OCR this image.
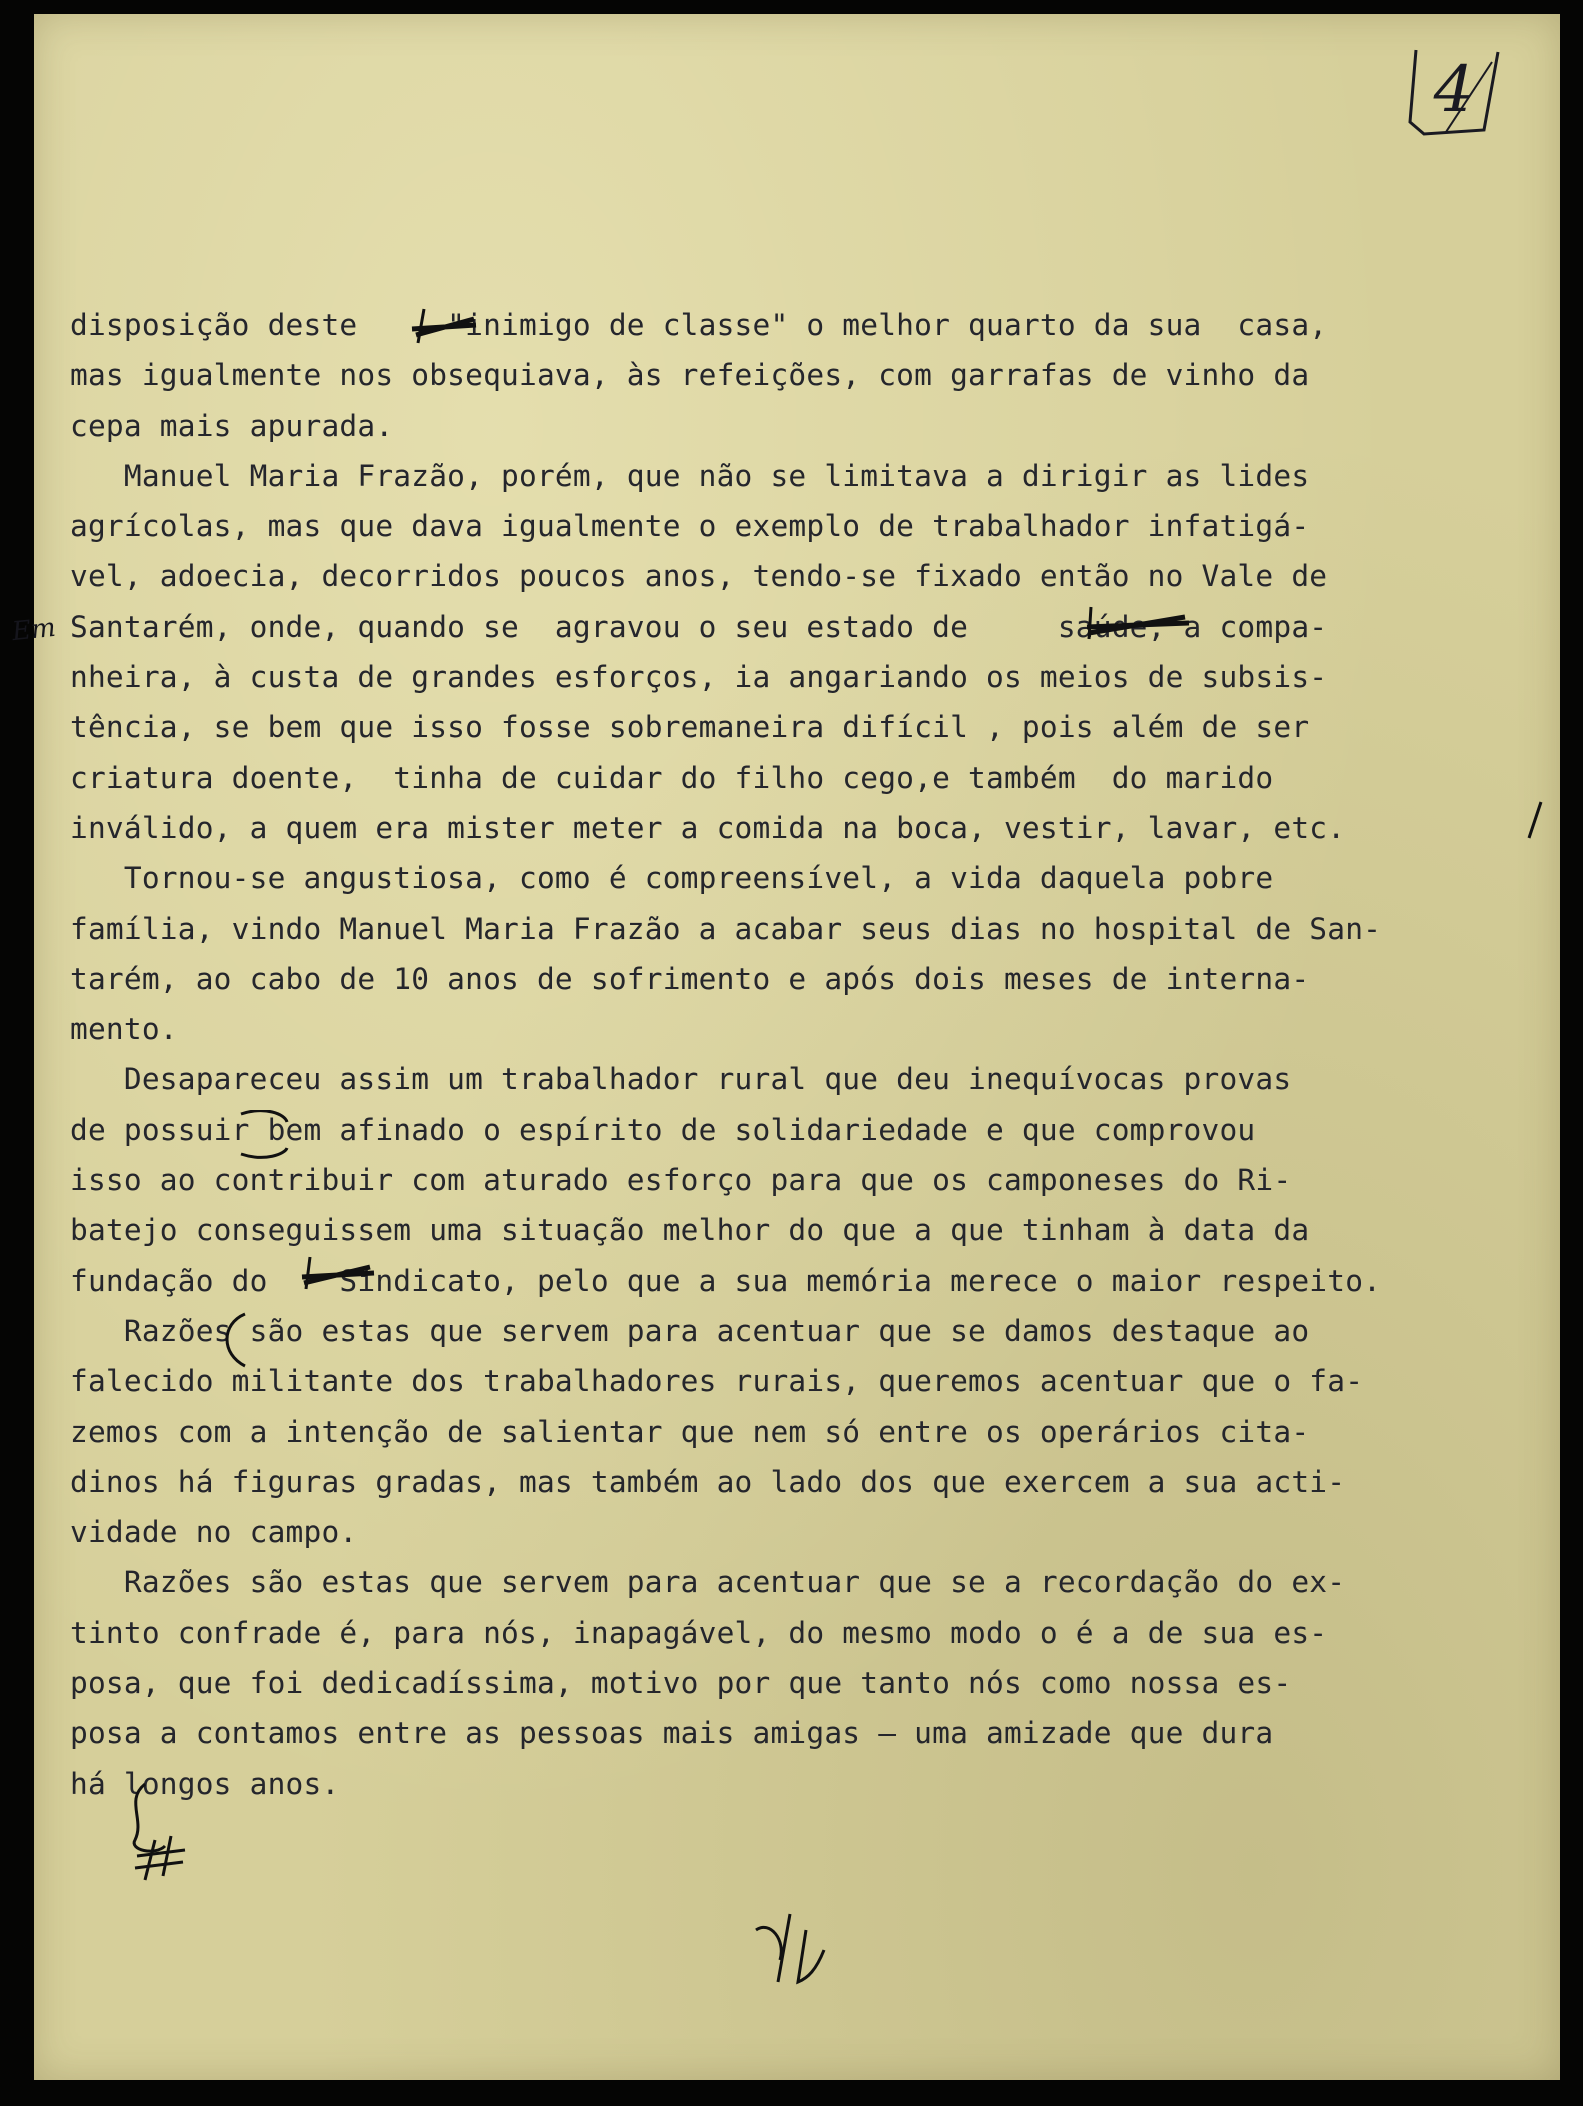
4
Em

disposição deste     "inimigo de classe" o melhor quarto da sua  casa,

mas igualmente nos obsequiava, às refeições, com garrafas de vinho da

cepa mais apurada.

Manuel Maria Frazão, porém, que não se limitava a dirigir as lides

agrícolas, mas que dava igualmente o exemplo de trabalhador infatigá-

vel, adoecia, decorridos poucos anos, tendo-se fixado então no Vale de

Santarém, onde, quando se  agravou o seu estado de     saúde, a compa-

nheira, à custa de grandes esforços, ia angariando os meios de subsis-

tência, se bem que isso fosse sobremaneira difícil , pois além de ser

criatura doente,  tinha de cuidar do filho cego,e também  do marido

inválido, a quem era mister meter a comida na boca, vestir, lavar, etc.

Tornou-se angustiosa, como é compreensível, a vida daquela pobre

família, vindo Manuel Maria Frazão a acabar seus dias no hospital de San-

tarém, ao cabo de 10 anos de sofrimento e após dois meses de interna-

mento.

Desapareceu assim um trabalhador rural que deu inequívocas provas

de possuir bem afinado o espírito de solidariedade e que comprovou

isso ao contribuir com aturado esforço para que os camponeses do Ri-

batejo conseguissem uma situação melhor do que a que tinham à data da

fundação do    Sindicato, pelo que a sua memória merece o maior respeito.

Razões são estas que servem para acentuar que se damos destaque ao

falecido militante dos trabalhadores rurais, queremos acentuar que o fa-

zemos com a intenção de salientar que nem só entre os operários cita-

dinos há figuras gradas, mas também ao lado dos que exercem a sua acti-

vidade no campo.

Razões são estas que servem para acentuar que se a recordação do ex-

tinto confrade é, para nós, inapagável, do mesmo modo o é a de sua es-

posa, que foi dedicadíssima, motivo por que tanto nós como nossa es-

posa a contamos entre as pessoas mais amigas — uma amizade que dura

há longos anos.
